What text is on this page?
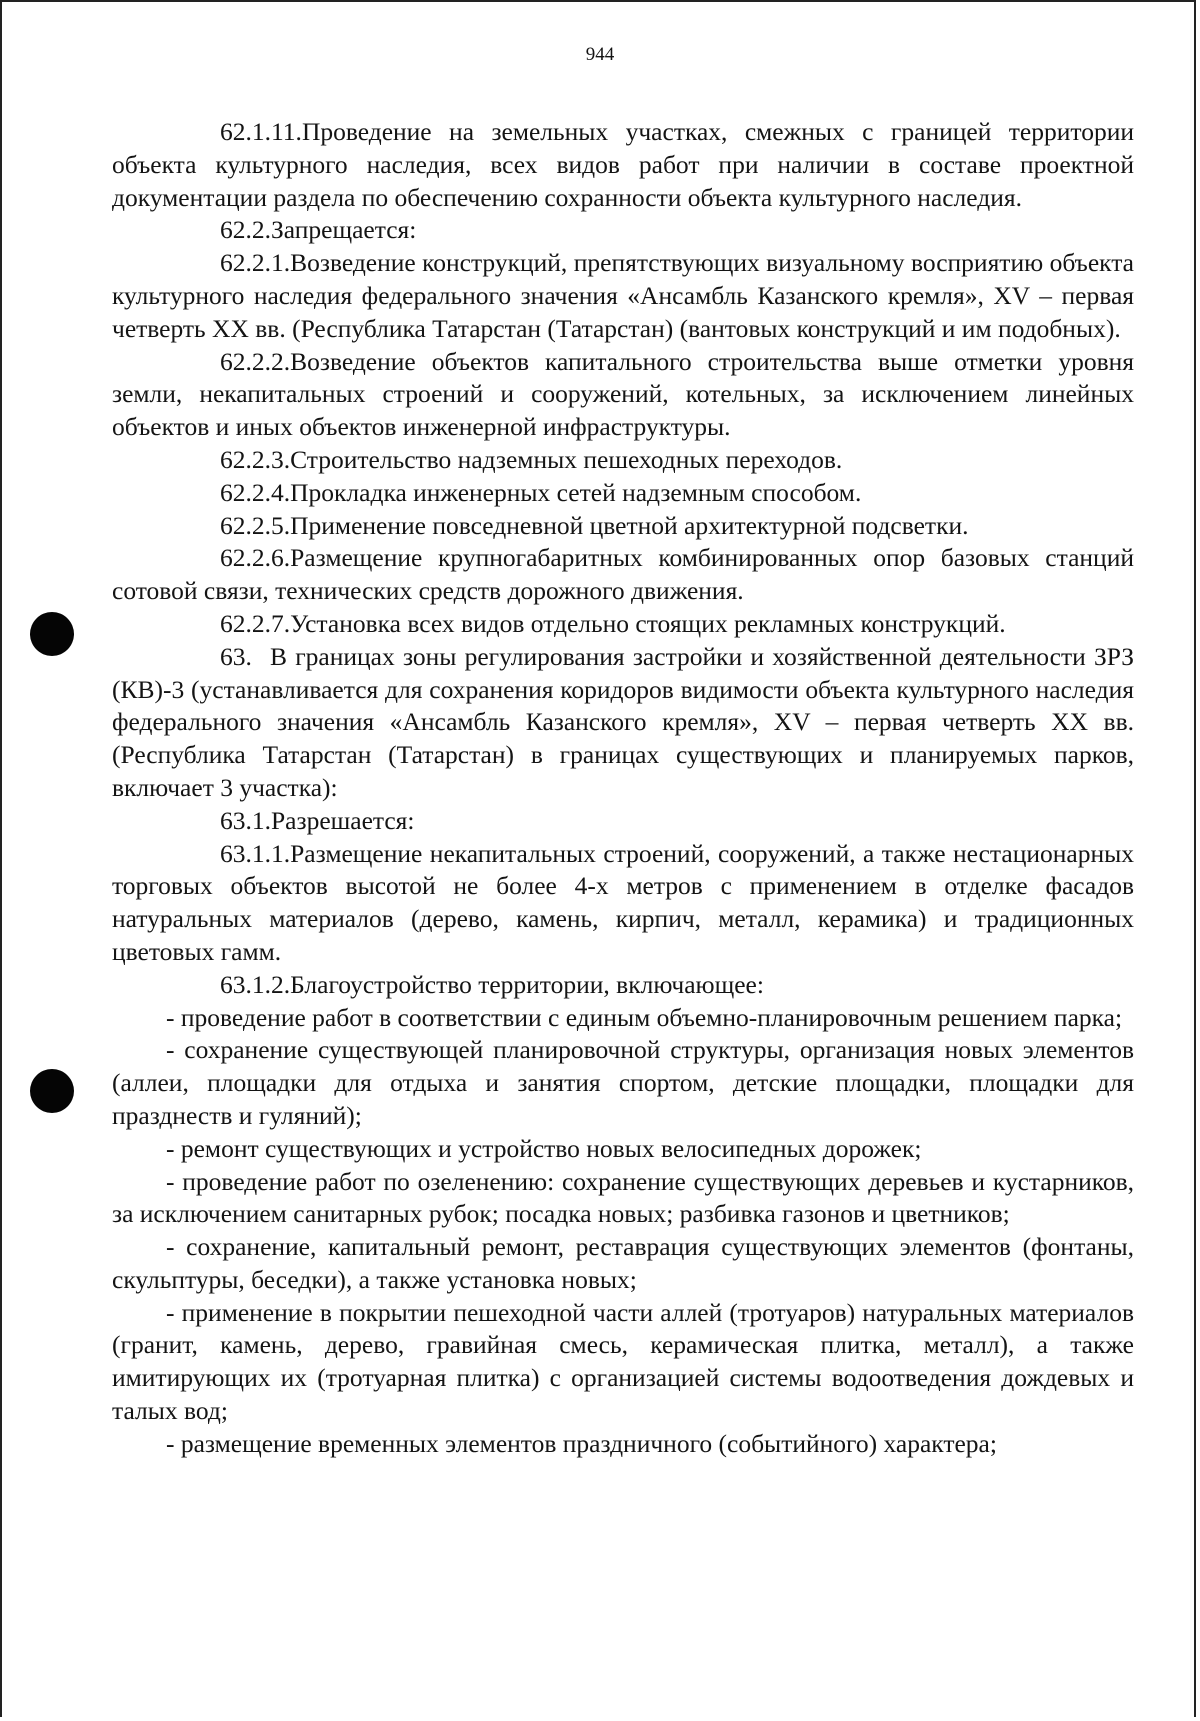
944

62.1.11.Проведение на земельных участках, смежных с границей территории объекта культурного наследия, всех видов работ при наличии в составе проектной документации раздела по обеспечению сохранности объекта культурного наследия.

62.2.Запрещается:

62.2.1.Возведение конструкций, препятствующих визуальному восприятию объекта культурного наследия федерального значения «Ансамбль Казанского кремля», XV – первая четверть XX вв. (Республика Татарстан (Татарстан) (вантовых конструкций и им подобных).

62.2.2.Возведение объектов капитального строительства выше отметки уровня земли, некапитальных строений и сооружений, котельных, за исключением линейных объектов и иных объектов инженерной инфраструктуры.

62.2.3.Строительство надземных пешеходных переходов.

62.2.4.Прокладка инженерных сетей надземным способом.

62.2.5.Применение повседневной цветной архитектурной подсветки.

62.2.6.Размещение крупногабаритных комбинированных опор базовых станций сотовой связи, технических средств дорожного движения.

62.2.7.Установка всех видов отдельно стоящих рекламных конструкций.

63. В границах зоны регулирования застройки и хозяйственной деятельности ЗРЗ (КВ)-3 (устанавливается для сохранения коридоров видимости объекта культурного наследия федерального значения «Ансамбль Казанского кремля», XV – первая четверть XX вв. (Республика Татарстан (Татарстан) в границах существующих и планируемых парков, включает 3 участка):

63.1.Разрешается:

63.1.1.Размещение некапитальных строений, сооружений, а также нестационарных торговых объектов высотой не более 4-х метров с применением в отделке фасадов натуральных материалов (дерево, камень, кирпич, металл, керамика) и традиционных цветовых гамм.

63.1.2.Благоустройство территории, включающее:

- проведение работ в соответствии с единым объемно-планировочным решением парка;

- сохранение существующей планировочной структуры, организация новых элементов (аллеи, площадки для отдыха и занятия спортом, детские площадки, площадки для празднеств и гуляний);

- ремонт существующих и устройство новых велосипедных дорожек;

- проведение работ по озеленению: сохранение существующих деревьев и кустарников, за исключением санитарных рубок; посадка новых; разбивка газонов и цветников;

- сохранение, капитальный ремонт, реставрация существующих элементов (фонтаны, скульптуры, беседки), а также установка новых;

- применение в покрытии пешеходной части аллей (тротуаров) натуральных материалов (гранит, камень, дерево, гравийная смесь, керамическая плитка, металл), а также имитирующих их (тротуарная плитка) с организацией системы водоотведения дождевых и талых вод;

- размещение временных элементов праздничного (событийного) характера;
